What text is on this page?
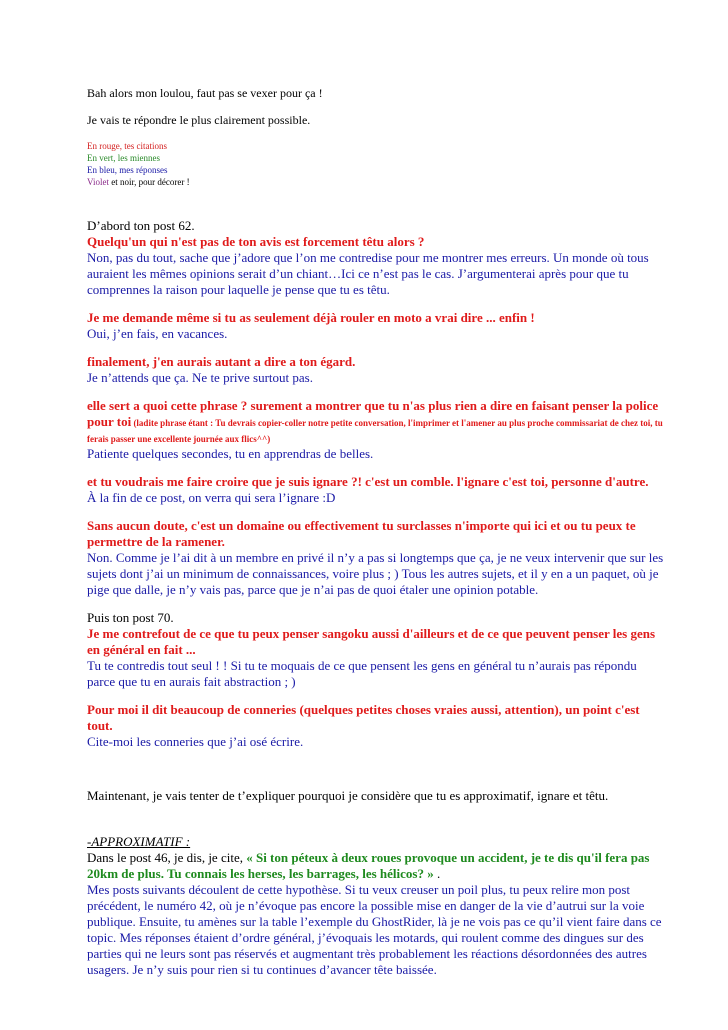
Bah alors mon loulou, faut pas se vexer pour ça !

Je vais te répondre le plus clairement possible.

En rouge, tes citations

En vert, les miennes

En bleu, mes réponses

Violet et noir, pour décorer !

D’abord ton post 62.

Quelqu'un qui n'est pas de ton avis est forcement têtu alors ?

Non, pas du tout, sache que j’adore que l’on me contredise pour me montrer mes erreurs. Un monde où tous auraient les mêmes opinions serait d’un chiant…Ici ce n’est pas le cas. J’argumenterai après pour que tu comprennes la raison pour laquelle je pense que tu es têtu.

Je me demande même si tu as seulement déjà rouler en moto a vrai dire ... enfin !

Oui, j’en fais, en vacances.

finalement, j'en aurais autant a dire a ton égard.

Je n’attends que ça. Ne te prive surtout pas.

elle sert a quoi cette phrase ? surement a montrer que tu n'as plus rien a dire en faisant penser la police pour toi (ladite phrase étant : Tu devrais copier-coller notre petite conversation, l'imprimer et l'amener au plus proche commissariat de chez toi, tu ferais passer une excellente journée aux flics^^)

Patiente quelques secondes, tu en apprendras de belles.

et tu voudrais me faire croire que je suis ignare ?! c'est un comble. l'ignare c'est toi, personne d'autre.

À la fin de ce post, on verra qui sera l’ignare :D

Sans aucun doute, c'est un domaine ou effectivement tu surclasses n'importe qui ici et ou tu peux te permettre de la ramener.

Non. Comme je l’ai dit à un membre en privé il n’y a pas si longtemps que ça, je ne veux intervenir que sur les sujets dont j’ai un minimum de connaissances, voire plus ; ) Tous les autres sujets, et il y en a un paquet, où je pige que dalle, je n’y vais pas, parce que je n’ai pas de quoi étaler une opinion potable.

Puis ton post 70.

Je me contrefout de ce que tu peux penser sangoku aussi d'ailleurs et de ce que peuvent penser les gens en général en fait ...

Tu te contredis tout seul ! ! Si tu te moquais de ce que pensent les gens en général tu n’aurais pas répondu parce que tu en aurais fait abstraction ; )

Pour moi il dit beaucoup de conneries (quelques petites choses vraies aussi, attention), un point c'est tout.

Cite-moi les conneries que j’ai osé écrire.

Maintenant, je vais tenter de t’expliquer pourquoi je considère que tu es approximatif, ignare et têtu.

-APPROXIMATIF :

Dans le post 46, je dis, je cite, « Si ton péteux à deux roues provoque un accident, je te dis qu'il fera pas 20km de plus. Tu connais les herses, les barrages, les hélicos? » .

Mes posts suivants découlent de cette hypothèse. Si tu veux creuser un poil plus, tu peux relire mon post précédent, le numéro 42, où je n’évoque pas encore la possible mise en danger de la vie d’autrui sur la voie publique. Ensuite, tu amènes sur la table l’exemple du GhostRider, là je ne vois pas ce qu’il vient faire dans ce topic. Mes réponses étaient d’ordre général, j’évoquais les motards, qui roulent comme des dingues sur des parties qui ne leurs sont pas réservés et augmentant très probablement les réactions désordonnées des autres usagers. Je n’y suis pour rien si tu continues d’avancer tête baissée.
